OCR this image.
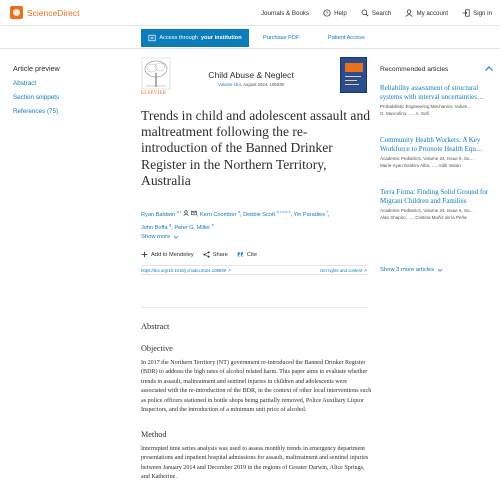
ScienceDirect	Journals & Books	? Help	Search	My account	Sign in
Access through your institution	Purchase PDF	Patient Access
Article preview
Abstract
Section snippets
References (75)
ELSEVIER
Child Abuse & Neglect
Volume 154, August 2024, 106939
Trends in child and adolescent assault and maltreatment following the re-introduction of the Banned Drinker Register in the Northern Territory, Australia
Ryan Baldwin $^{a 1}$	, Kerri Coomber $^a$, Debbie Scott $^{b c d e 2}$, Yin Paradies $^f$,
John Boffa $^g$, Peter G. Miller $^a$
Show more
Add to Mendeley	Share	Cite
https://doi.org/10.1016/j.chiabu.2024.106939 ↗	Get rights and content ↗
Abstract
Objective

In 2017 the Northern Territory (NT) government re-introduced the Banned Drinker Register (BDR) to address the high rates of alcohol related harm. This paper aims to evaluate whether trends in assault, maltreatment and sentinel injuries in children and adolescents were associated with the re-introduction of the BDR, in the context of other local interventions such as police officers stationed in bottle shops being partially removed, Police Auxiliary Liquor Inspectors, and the introduction of a minimum unit price of alcohol.

Method

Interrupted time series analysis was used to assess monthly trends in emergency department presentations and inpatient hospital admissions for assault, maltreatment and sentinel injuries between January 2014 and December 2019 in the regions of Greater Darwin, Alice Springs, and Katherine.

Recommended articles
Reliability assessment of structural systems with interval uncertainties…
Probabilistic Engineering Mechanics, Volum…
G. Muscolino, …, A. Sofi
Community Health Workers: A Key Workforce to Promote Health Equ…
Academic Pediatrics, Volume 24, Issue 5, Su…
Marie-Ayan Ibrahim Albo, …, Aditi Vasan
Terra Firma: Finding Solid Ground for Migrant Children and Families
Academic Pediatrics, Volume 24, Issue 5, Su…
Alan Shapiro, …, Cristina Muñiz de la Peña
Show 3 more articles
